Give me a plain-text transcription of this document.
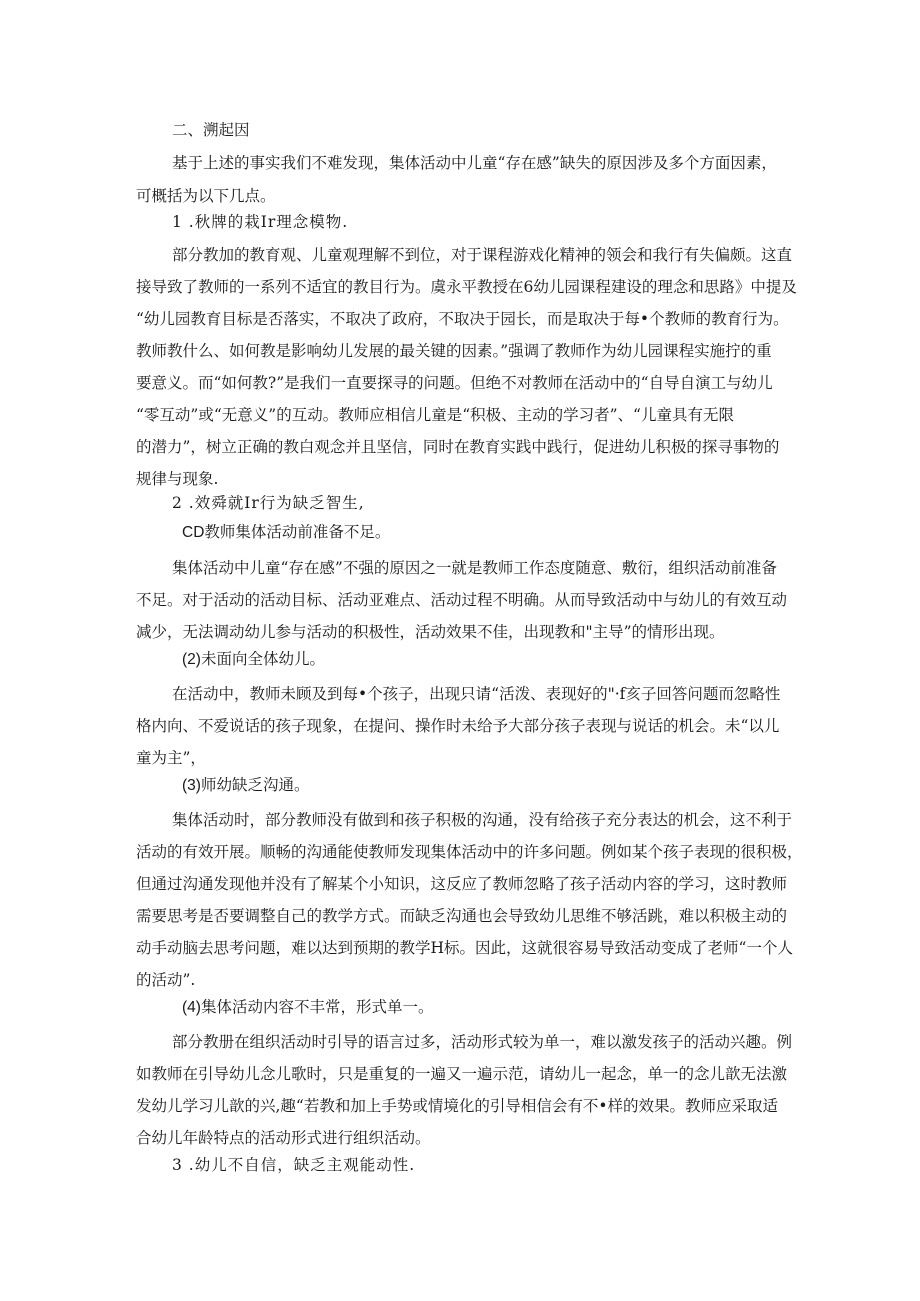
二、溯起因
基于上述的事实我们不难发现，集体活动中儿童“存在感”缺失的原因涉及多个方面因素，
可概括为以下几点。
1 .秋牌的栽Ir理念模物.
部分教加的教育观、儿童观理解不到位，对于课程游戏化精神的领会和我行有失偏颇。这直
接导致了教师的一系列不适宜的教目行为。虞永平教授在6幼儿园课程建设的理念和思路》中提及
“幼儿园教育目标是否落实，不取决了政府，不取决于园长，而是取决于每•个教师的教育行为。
教师教什么、如何教是影响幼儿发展的最关键的因素。”强调了教师作为幼儿园课程实施拧的重
要意义。而“如何教?”是我们一直要探寻的问题。但绝不对教师在活动中的“自导自演工与幼儿
“零互动”或“无意义”的互动。教师应相信儿童是“积极、主动的学习者”、“儿童具有无限
的潜力”，树立正确的教白观念并且坚信，同时在教育实践中践行，促进幼儿积极的探寻事物的
规律与现象.
2 .效舜就Ir行为缺乏智生,
CD教师集体活动前准备不足。
集体活动中儿童“存在感”不强的原因之一就是教师工作态度随意、敷衍，组织活动前准备
不足。对于活动的活动目标、活动亚难点、活动过程不明确。从而导致活动中与幼儿的有效互动
减少，无法调动幼儿参与活动的积极性，活动效果不佳，出现教和"主导”的情形出现。
(2)未面向全体幼儿。
在活动中，教师未顾及到每•个孩子，出现只请“活泼、表现好的"·f亥子回答问题而忽略性
格内向、不爱说话的孩子现象，在提问、操作时未给予大部分孩子表现与说话的机会。未“以儿
童为主”，
(3)师幼缺乏沟通。
集体活动时，部分教师没有做到和孩子积极的沟通，没有给孩子充分表达的机会，这不利于
活动的有效开展。顺畅的沟通能使教师发现集体活动中的许多问题。例如某个孩子表现的很积极，
但通过沟通发现他并没有了解某个小知识，这反应了教师忽略了孩子活动内容的学习，这时教师
需要思考是否要调整自己的教学方式。而缺乏沟通也会导致幼儿思维不够活跳，难以积极主动的
动手动脑去思考问题，难以达到预期的教学H标。因此，这就很容易导致活动变成了老师“一个人
的活动”.
(4)集体活动内容不丰常，形式单一。
部分教册在组织活动时引导的语言过多，活动形式较为单一，难以激发孩子的活动兴趣。例
如教师在引导幼儿念儿歌时，只是重复的一遍又一遍示范，请幼儿一起念，单一的念儿歆无法激
发幼儿学习儿歆的兴,趣“若教和加上手势或情境化的引导相信会有不•样的效果。教师应采取适
合幼儿年龄特点的活动形式进行组织活动。
3 .幼儿不自信，缺乏主观能动性.
